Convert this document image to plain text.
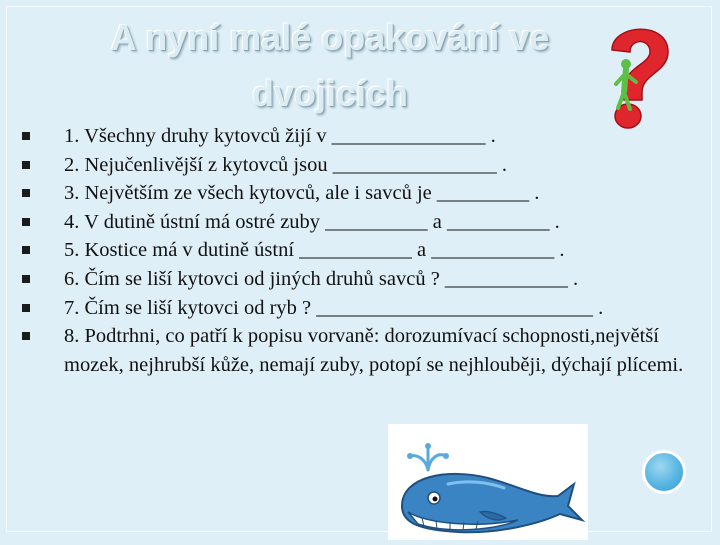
A nyní malé opakování ve
dvojicích
1. Všechny druhy kytovců žijí v _______________ .
2. Nejučenlivější z kytovců jsou ________________ .
3. Největším ze všech kytovců, ale i savců je _________ .
4. V dutině ústní má ostré zuby __________ a __________ .
5. Kostice má v dutině ústní ___________ a ____________ .
6. Čím se liší kytovci od jiných druhů savců ? ____________ .
7. Čím se liší kytovci od ryb ? ___________________________ .
8. Podtrhni, co patří k popisu vorvaně: dorozumívací schopnosti,největší mozek, nejhrubší kůže, nemají zuby, potopí se nejhlouběji, dýchají plícemi.
